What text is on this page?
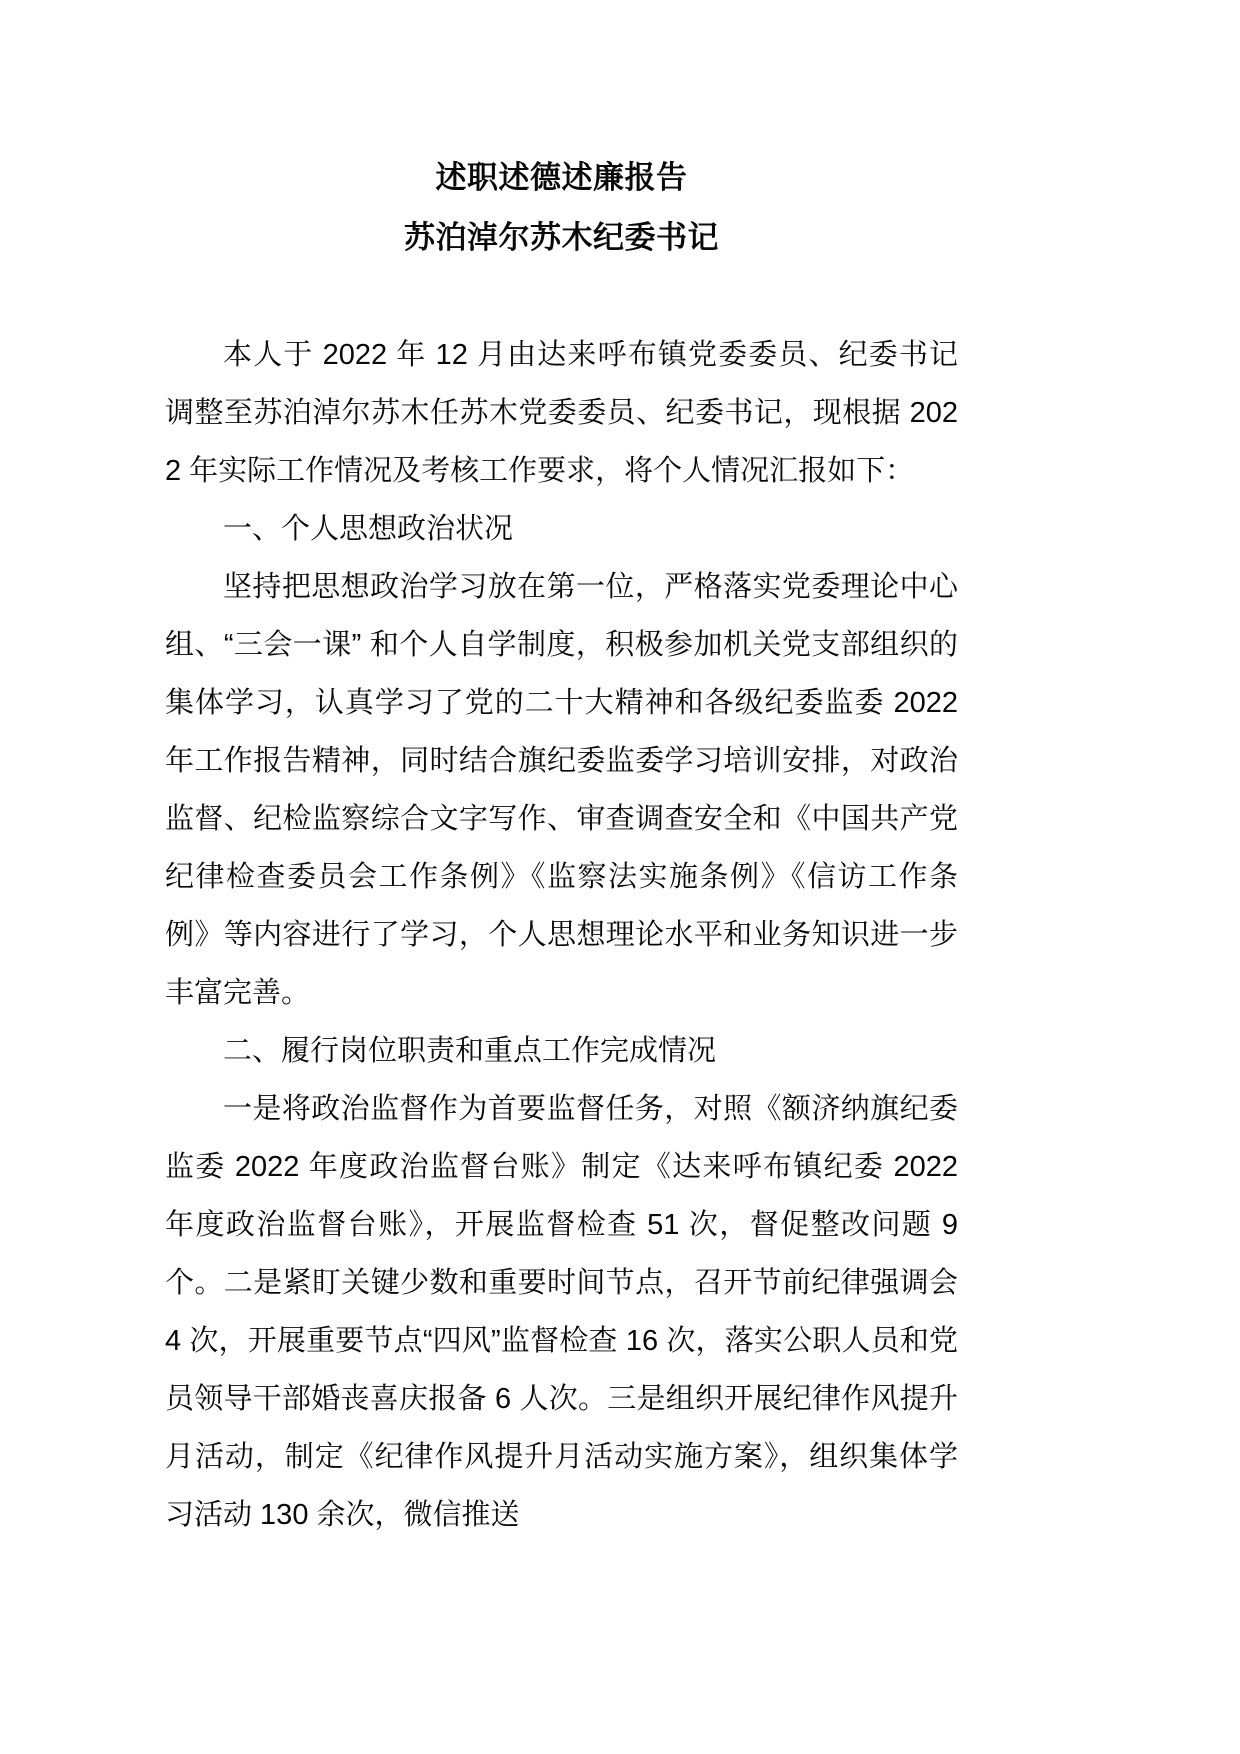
述职述德述廉报告
苏泊淖尔苏木纪委书记

本人于 2022 年 12 月由达来呼布镇党委委员、纪委书记调整至苏泊淖尔苏木任苏木党委委员、纪委书记，现根据 2022 年实际工作情况及考核工作要求，将个人情况汇报如下：

一、个人思想政治状况

坚持把思想政治学习放在第一位，严格落实党委理论中心组、“三会一课” 和个人自学制度，积极参加机关党支部组织的集体学习，认真学习了党的二十大精神和各级纪委监委 2022 年工作报告精神，同时结合旗纪委监委学习培训安排，对政治监督、纪检监察综合文字写作、审查调查安全和《中国共产党纪律检查委员会工作条例》《监察法实施条例》《信访工作条例》等内容进行了学习，个人思想理论水平和业务知识进一步丰富完善。

二、履行岗位职责和重点工作完成情况

一是将政治监督作为首要监督任务，对照《额济纳旗纪委监委 2022 年度政治监督台账》制定《达来呼布镇纪委 2022 年度政治监督台账》，开展监督检查 51 次，督促整改问题 9 个。二是紧盯关键少数和重要时间节点，召开节前纪律强调会 4 次，开展重要节点“四风”监督检查 16 次，落实公职人员和党员领导干部婚丧喜庆报备 6 人次。三是组织开展纪律作风提升月活动，制定《纪律作风提升月活动实施方案》，组织集体学习活动 130 余次，微信推送
